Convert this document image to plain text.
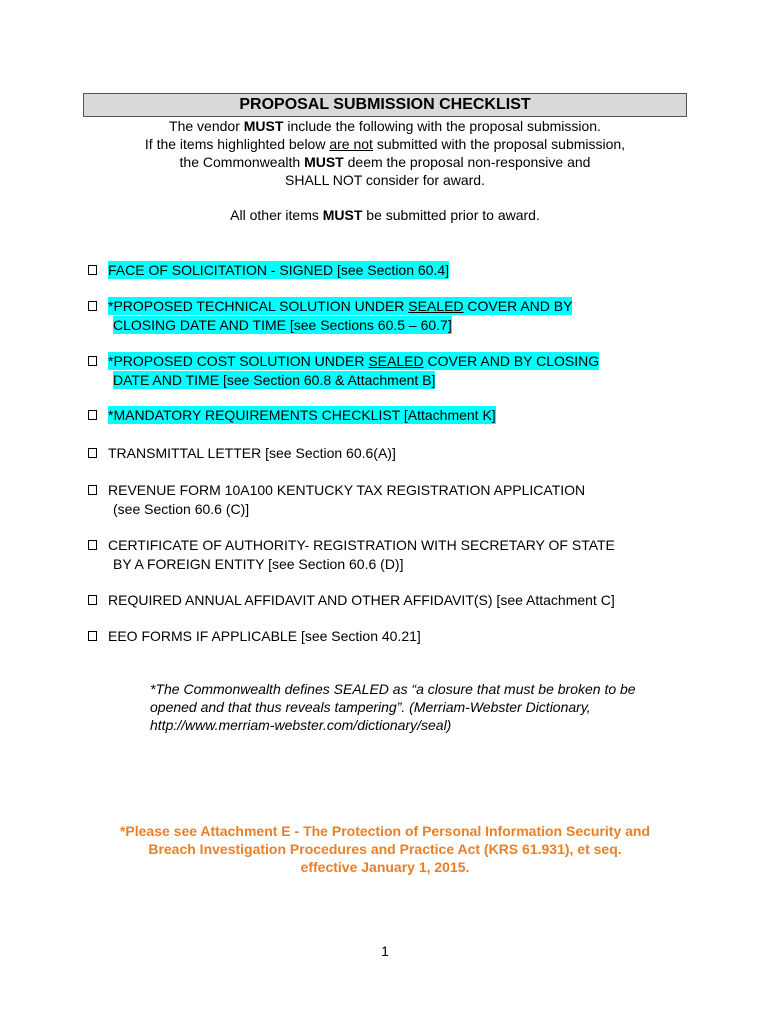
PROPOSAL SUBMISSION CHECKLIST
The vendor MUST include the following with the proposal submission.
If the items highlighted below are not submitted with the proposal submission,
the Commonwealth MUST deem the proposal non-responsive and
SHALL NOT consider for award.
All other items MUST be submitted prior to award.
FACE OF SOLICITATION - SIGNED [see Section 60.4]
*PROPOSED TECHNICAL SOLUTION UNDER SEALED COVER AND BY
CLOSING DATE AND TIME [see Sections 60.5 – 60.7]
*PROPOSED COST SOLUTION UNDER SEALED COVER AND BY CLOSING
DATE AND TIME [see Section 60.8 & Attachment B]
*MANDATORY REQUIREMENTS CHECKLIST [Attachment K]
TRANSMITTAL LETTER [see Section 60.6(A)]
REVENUE FORM 10A100 KENTUCKY TAX REGISTRATION APPLICATION
(see Section 60.6 (C)]
CERTIFICATE OF AUTHORITY- REGISTRATION WITH SECRETARY OF STATE
BY A FOREIGN ENTITY [see Section 60.6 (D)]
REQUIRED ANNUAL AFFIDAVIT AND OTHER AFFIDAVIT(S) [see Attachment C]
EEO FORMS IF APPLICABLE [see Section 40.21]
*The Commonwealth defines SEALED as “a closure that must be broken to be
opened and that thus reveals tampering”. (Merriam-Webster Dictionary,
http://www.merriam-webster.com/dictionary/seal)
*Please see Attachment E - The Protection of Personal Information Security and
Breach Investigation Procedures and Practice Act (KRS 61.931), et seq.
effective January 1, 2015.
1
